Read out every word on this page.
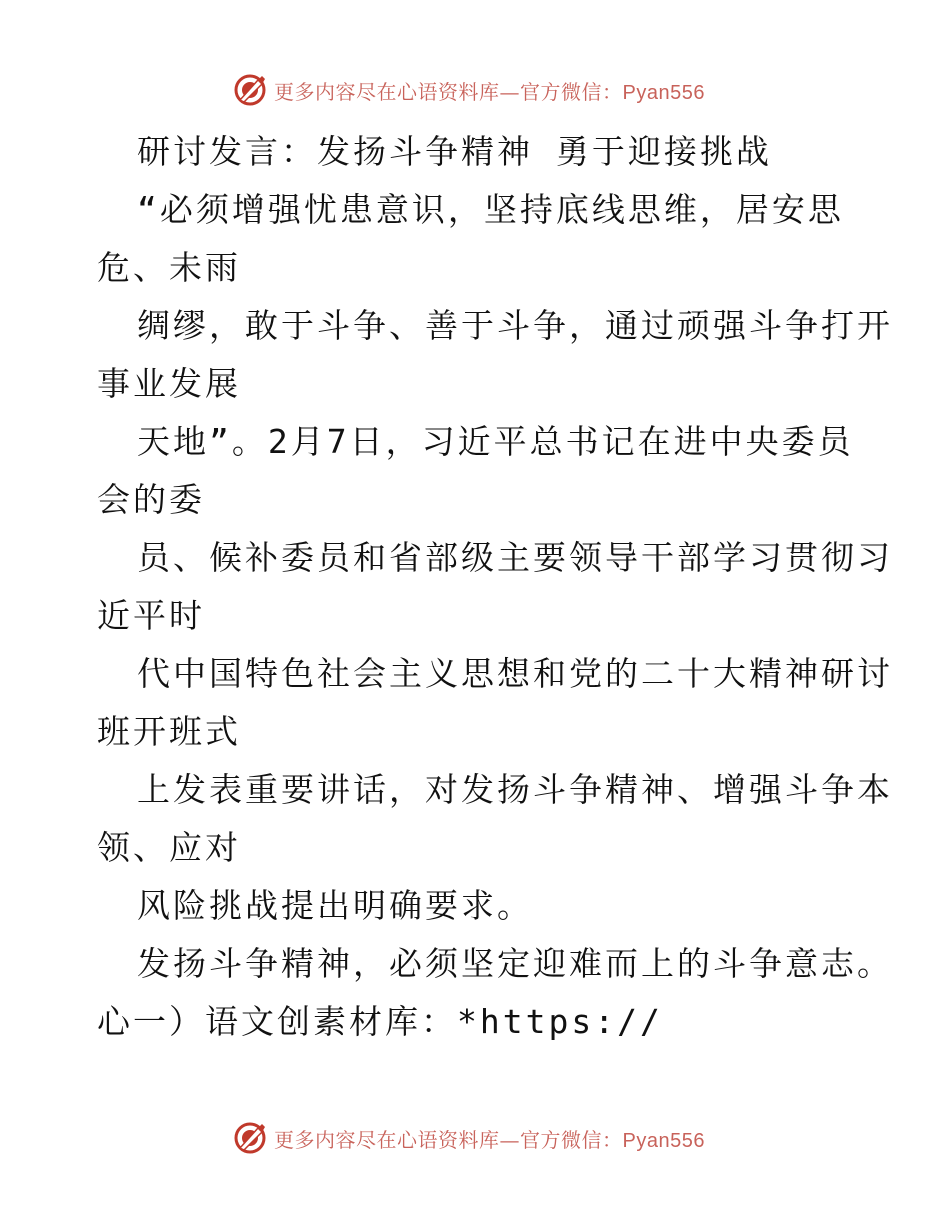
更多内容尽在心语资料库—官方微信：Pyan556
研讨发言：发扬斗争精神 勇于迎接挑战
“必须增强忧患意识，坚持底线思维，居安思
危、未雨
绸缪，敢于斗争、善于斗争，通过顽强斗争打开
事业发展
天地”。2月7日，习近平总书记在进中央委员
会的委
员、候补委员和省部级主要领导干部学习贯彻习
近平时
代中国特色社会主义思想和党的二十大精神研讨
班开班式
上发表重要讲话，对发扬斗争精神、增强斗争本
领、应对
风险挑战提出明确要求。
发扬斗争精神，必须坚定迎难而上的斗争意志。
心一）语文创素材库：*https://
更多内容尽在心语资料库—官方微信：Pyan556
